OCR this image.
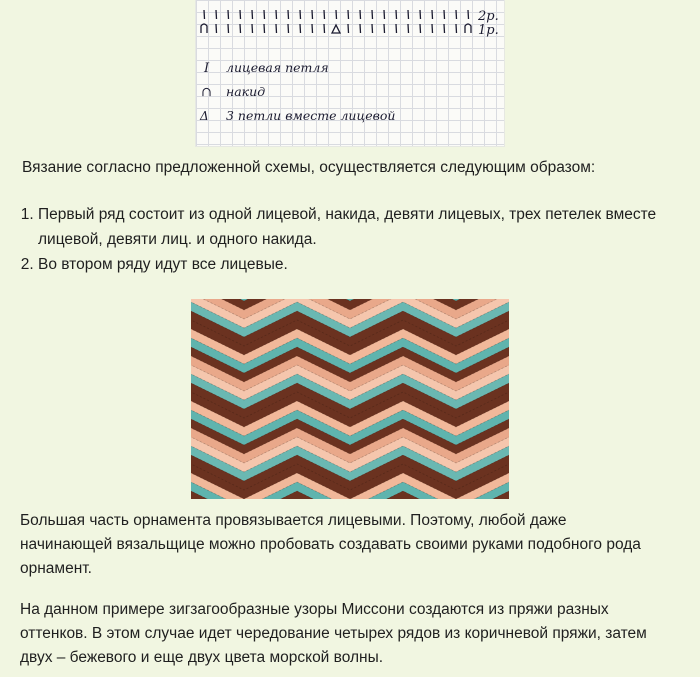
2р.
1р.
I лицевая петля
∩ накид
Δ 3 петли вместе лицевой

Вязание согласно предложенной схемы, осуществляется следующим образом:

1. Первый ряд состоит из одной лицевой, накида, девяти лицевых, трех петелек вместе лицевой, девяти лиц. и одного накида.
2. Во втором ряду идут все лицевые.

Большая часть орнамента провязывается лицевыми. Поэтому, любой даже начинающей вязальщице можно пробовать создавать своими руками подобного рода орнамент.

На данном примере зигзагообразные узоры Миссони создаются из пряжи разных оттенков. В этом случае идет чередование четырех рядов из коричневой пряжи, затем двух – бежевого и еще двух цвета морской волны.
